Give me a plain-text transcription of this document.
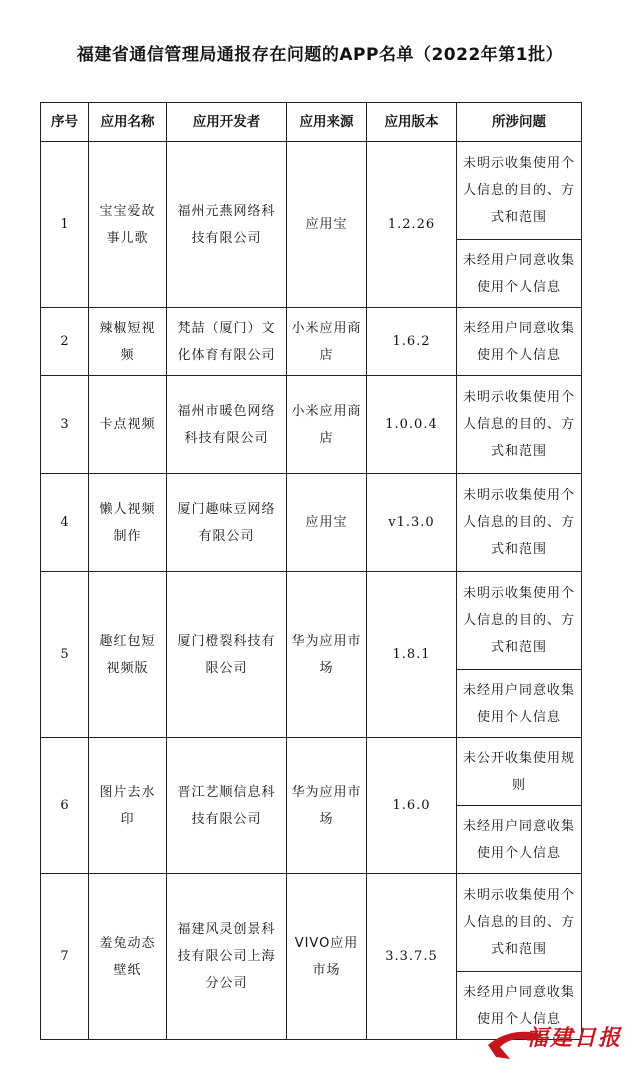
福建省通信管理局通报存在问题的APP名单（2022年第1批）
序号	应用名称	应用开发者	应用来源	应用版本	所涉问题
1	宝宝爱故事儿歌	福州元燕网络科技有限公司	应用宝	1.2.26	未明示收集使用个人信息的目的、方式和范围
					未经用户同意收集使用个人信息
2	辣椒短视频	梵喆（厦门）文化体育有限公司	小米应用商店	1.6.2	未经用户同意收集使用个人信息
3	卡点视频	福州市暖色网络科技有限公司	小米应用商店	1.0.0.4	未明示收集使用个人信息的目的、方式和范围
4	懒人视频制作	厦门趣味豆网络有限公司	应用宝	v1.3.0	未明示收集使用个人信息的目的、方式和范围
5	趣红包短视频版	厦门橙裂科技有限公司	华为应用市场	1.8.1	未明示收集使用个人信息的目的、方式和范围
					未经用户同意收集使用个人信息
6	图片去水印	晋江艺顺信息科技有限公司	华为应用市场	1.6.0	未公开收集使用规则
					未经用户同意收集使用个人信息
7	羞兔动态壁纸	福建风灵创景科技有限公司上海分公司	VIVO应用市场	3.3.7.5	未明示收集使用个人信息的目的、方式和范围
					未经用户同意收集使用个人信息
福建日报
